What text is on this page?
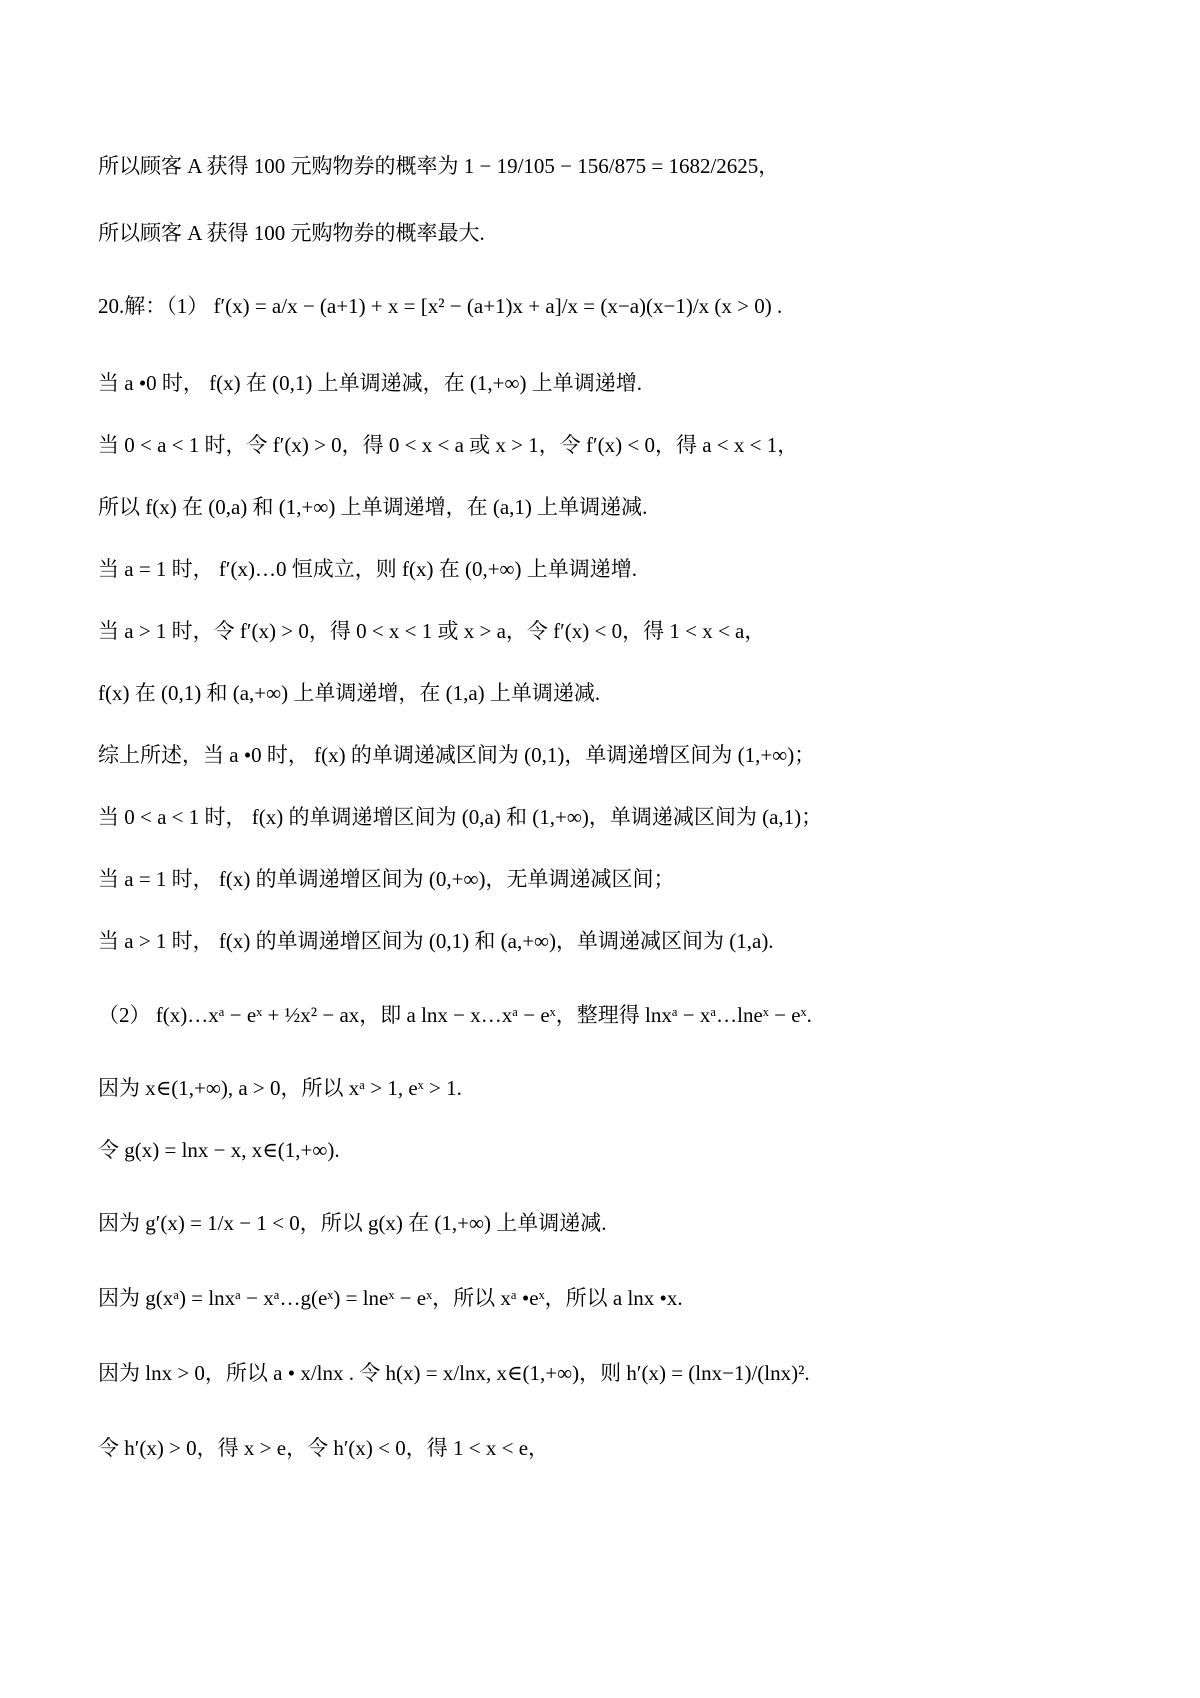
所以顾客 A 获得 100 元购物券的概率为 1 − 19/105 − 156/875 = 1682/2625，
所以顾客 A 获得 100 元购物券的概率最大.
20.解：（1） f′(x) = a/x − (a+1) + x = [x² − (a+1)x + a]/x = (x−a)(x−1)/x (x > 0) .
当 a •0 时， f(x) 在 (0,1) 上单调递减，在 (1,+∞) 上单调递增.
当 0 < a < 1 时，令 f′(x) > 0，得 0 < x < a 或 x > 1，令 f′(x) < 0，得 a < x < 1，
所以 f(x) 在 (0,a) 和 (1,+∞) 上单调递增，在 (a,1) 上单调递减.
当 a = 1 时， f′(x)…0 恒成立，则 f(x) 在 (0,+∞) 上单调递增.
当 a > 1 时，令 f′(x) > 0，得 0 < x < 1 或 x > a，令 f′(x) < 0，得 1 < x < a，
f(x) 在 (0,1) 和 (a,+∞) 上单调递增，在 (1,a) 上单调递减.
综上所述，当 a •0 时， f(x) 的单调递减区间为 (0,1)，单调递增区间为 (1,+∞)；
当 0 < a < 1 时， f(x) 的单调递增区间为 (0,a) 和 (1,+∞)，单调递减区间为 (a,1)；
当 a = 1 时， f(x) 的单调递增区间为 (0,+∞)，无单调递减区间；
当 a > 1 时， f(x) 的单调递增区间为 (0,1) 和 (a,+∞)，单调递减区间为 (1,a).
（2） f(x)…xᵃ − eˣ + ½x² − ax，即 a lnx − x…xᵃ − eˣ，整理得 lnxᵃ − xᵃ…lneˣ − eˣ.
因为 x∈(1,+∞), a > 0，所以 xᵃ > 1, eˣ > 1.
令 g(x) = lnx − x, x∈(1,+∞).
因为 g′(x) = 1/x − 1 < 0，所以 g(x) 在 (1,+∞) 上单调递减.
因为 g(xᵃ) = lnxᵃ − xᵃ…g(eˣ) = lneˣ − eˣ，所以 xᵃ •eˣ，所以 a lnx •x.
因为 lnx > 0，所以 a • x/lnx . 令 h(x) = x/lnx, x∈(1,+∞)，则 h′(x) = (lnx−1)/(lnx)².
令 h′(x) > 0，得 x > e，令 h′(x) < 0，得 1 < x < e，
